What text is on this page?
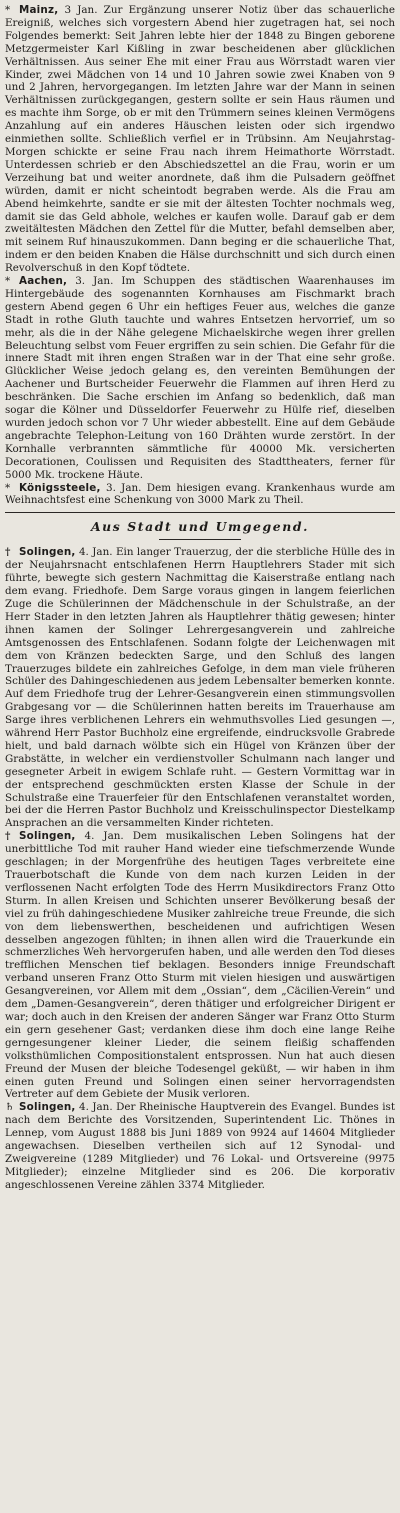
* Mainz, 3 Jan. Zur Ergänzung unserer Notiz über das schauerliche Ereigniß, welches sich vorgestern Abend hier zugetragen hat, sei noch Folgendes bemerkt: Seit Jahren lebte hier der 1848 zu Bingen geborene Metzgermeister Karl Kißling in zwar bescheidenen aber glücklichen Verhältnissen. Aus seiner Ehe mit einer Frau aus Wörrstadt waren vier Kinder, zwei Mädchen von 14 und 10 Jahren sowie zwei Knaben von 9 und 2 Jahren, hervorgegangen. Im letzten Jahre war der Mann in seinen Verhältnissen zurückgegangen, gestern sollte er sein Haus räumen und es machte ihm Sorge, ob er mit den Trümmern seines kleinen Vermögens Anzahlung auf ein anderes Häuschen leisten oder sich irgendwo einmiethen sollte. Schließlich verfiel er in Trübsinn. Am Neujahrstag-Morgen schickte er seine Frau nach ihrem Heimathorte Wörrstadt. Unterdessen schrieb er den Abschiedszettel an die Frau, worin er um Verzeihung bat und weiter anordnete, daß ihm die Pulsadern geöffnet würden, damit er nicht scheintodt begraben werde. Als die Frau am Abend heimkehrte, sandte er sie mit der ältesten Tochter nochmals weg, damit sie das Geld abhole, welches er kaufen wolle. Darauf gab er dem zweitältesten Mädchen den Zettel für die Mutter, befahl demselben aber, mit seinem Ruf hinauszukommen. Dann beging er die schauerliche That, indem er den beiden Knaben die Hälse durchschnitt und sich durch einen Revolverschuß in den Kopf tödtete.

* Aachen, 3. Jan. Im Schuppen des städtischen Waarenhauses im Hintergebäude des sogenannten Kornhauses am Fischmarkt brach gestern Abend gegen 6 Uhr ein heftiges Feuer aus, welches die ganze Stadt in rothe Gluth tauchte und wahres Entsetzen hervorrief, um so mehr, als die in der Nähe gelegene Michaelskirche wegen ihrer grellen Beleuchtung selbst vom Feuer ergriffen zu sein schien. Die Gefahr für die innere Stadt mit ihren engen Straßen war in der That eine sehr große. Glücklicher Weise jedoch gelang es, den vereinten Bemühungen der Aachener und Burtscheider Feuerwehr die Flammen auf ihren Herd zu beschränken. Die Sache erschien im Anfang so bedenklich, daß man sogar die Kölner und Düsseldorfer Feuerwehr zu Hülfe rief, dieselben wurden jedoch schon vor 7 Uhr wieder abbestellt. Eine auf dem Gebäude angebrachte Telephon-Leitung von 160 Drähten wurde zerstört. In der Kornhalle verbrannten sämmtliche für 40000 Mk. versicherten Decorationen, Coulissen und Requisiten des Stadttheaters, ferner für 5000 Mk. trockene Häute.

* Königssteele, 3. Jan. Dem hiesigen evang. Krankenhaus wurde am Weihnachtsfest eine Schenkung von 3000 Mark zu Theil.

Aus Stadt und Umgegend.

† Solingen, 4. Jan. Ein langer Trauerzug, der die sterbliche Hülle des in der Neujahrsnacht entschlafenen Herrn Hauptlehrers Stader mit sich führte, bewegte sich gestern Nachmittag die Kaiserstraße entlang nach dem evang. Friedhofe. Dem Sarge voraus gingen in langem feierlichen Zuge die Schülerinnen der Mädchenschule in der Schulstraße, an der Herr Stader in den letzten Jahren als Hauptlehrer thätig gewesen; hinter ihnen kamen der Solinger Lehrergesangverein und zahlreiche Amtsgenossen des Entschlafenen. Sodann folgte der Leichenwagen mit dem von Kränzen bedeckten Sarge, und den Schluß des langen Trauerzuges bildete ein zahlreiches Gefolge, in dem man viele früheren Schüler des Dahingeschiedenen aus jedem Lebensalter bemerken konnte. Auf dem Friedhofe trug der Lehrer-Gesangverein einen stimmungsvollen Grabgesang vor — die Schülerinnen hatten bereits im Trauerhause am Sarge ihres verblichenen Lehrers ein wehmuthsvolles Lied gesungen —, während Herr Pastor Buchholz eine ergreifende, eindrucksvolle Grabrede hielt, und bald darnach wölbte sich ein Hügel von Kränzen über der Grabstätte, in welcher ein verdienstvoller Schulmann nach langer und gesegneter Arbeit in ewigem Schlafe ruht. — Gestern Vormittag war in der entsprechend geschmückten ersten Klasse der Schule in der Schulstraße eine Trauerfeier für den Entschlafenen veranstaltet worden, bei der die Herren Pastor Buchholz und Kreisschulinspector Diestelkamp Ansprachen an die versammelten Kinder richteten.

† Solingen, 4. Jan. Dem musikalischen Leben Solingens hat der unerbittliche Tod mit rauher Hand wieder eine tiefschmerzende Wunde geschlagen; in der Morgenfrühe des heutigen Tages verbreitete eine Trauerbotschaft die Kunde von dem nach kurzen Leiden in der verflossenen Nacht erfolgten Tode des Herrn Musikdirectors Franz Otto Sturm. In allen Kreisen und Schichten unserer Bevölkerung besaß der viel zu früh dahingeschiedene Musiker zahlreiche treue Freunde, die sich von dem liebenswerthen, bescheidenen und aufrichtigen Wesen desselben angezogen fühlten; in ihnen allen wird die Trauerkunde ein schmerzliches Weh hervorgerufen haben, und alle werden den Tod dieses trefflichen Menschen tief beklagen. Besonders innige Freundschaft verband unseren Franz Otto Sturm mit vielen hiesigen und auswärtigen Gesangvereinen, vor Allem mit dem „Ossian“, dem „Cäcilien-Verein“ und dem „Damen-Gesangverein“, deren thätiger und erfolgreicher Dirigent er war; doch auch in den Kreisen der anderen Sänger war Franz Otto Sturm ein gern gesehener Gast; verdanken diese ihm doch eine lange Reihe gerngesungener kleiner Lieder, die seinem fleißig schaffenden volksthümlichen Compositionstalent entsprossen. Nun hat auch diesen Freund der Musen der bleiche Todesengel geküßt, — wir haben in ihm einen guten Freund und Solingen einen seiner hervorragendsten Vertreter auf dem Gebiete der Musik verloren.

♄ Solingen, 4. Jan. Der Rheinische Hauptverein des Evangel. Bundes ist nach dem Berichte des Vorsitzenden, Superintendent Lic. Thönes in Lennep, vom August 1888 bis Juni 1889 von 9924 auf 14604 Mitglieder angewachsen. Dieselben vertheilen sich auf 12 Synodal- und Zweigvereine (1289 Mitglieder) und 76 Lokal- und Ortsvereine (9975 Mitglieder); einzelne Mitglieder sind es 206. Die korporativ angeschlossenen Vereine zählen 3374 Mitglieder.
